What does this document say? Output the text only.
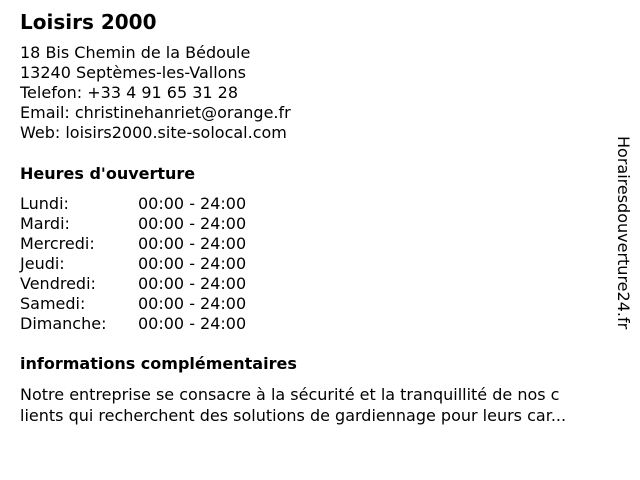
Loisirs 2000
18 Bis Chemin de la Bédoule
13240 Septèmes-les-Vallons
Telefon: +33 4 91 65 31 28
Email: christinehanriet@orange.fr
Web: loisirs2000.site-solocal.com
Heures d'ouverture
Lundi:	00:00 - 24:00
Mardi:	00:00 - 24:00
Mercredi:	00:00 - 24:00
Jeudi:	00:00 - 24:00
Vendredi:	00:00 - 24:00
Samedi:	00:00 - 24:00
Dimanche:	00:00 - 24:00
informations complémentaires
Notre entreprise se consacre à la sécurité et la tranquillité de nos c
lients qui recherchent des solutions de gardiennage pour leurs car...
Horairesdouverture24.fr
